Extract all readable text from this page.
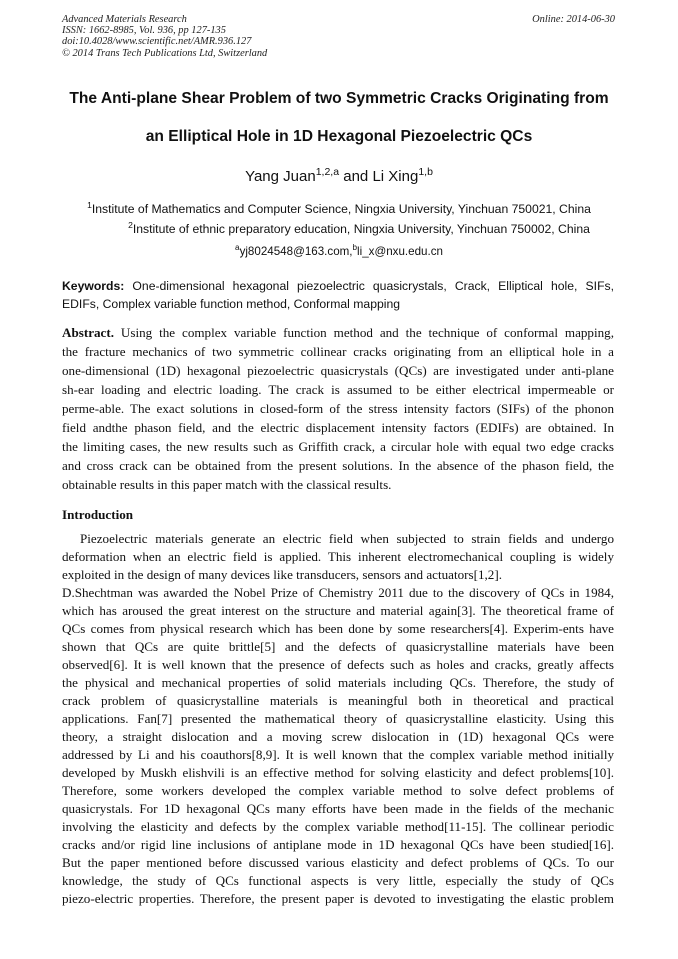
Advanced Materials Research
ISSN: 1662-8985, Vol. 936, pp 127-135
doi:10.4028/www.scientific.net/AMR.936.127
© 2014 Trans Tech Publications Ltd, Switzerland
Online: 2014-06-30
The Anti-plane Shear Problem of two Symmetric Cracks Originating from
an Elliptical Hole in 1D Hexagonal Piezoelectric QCs
Yang Juan$^{1,2,a}$ and Li Xing$^{1,b}$
$^1$Institute of Mathematics and Computer Science, Ningxia University, Yinchuan 750021, China
$^2$Institute of ethnic preparatory education, Ningxia University, Yinchuan 750002, China
$^a$yj8024548@163.com,$^b$li_x@nxu.edu.cn
Keywords: One-dimensional hexagonal piezoelectric quasicrystals, Crack, Elliptical hole, SIFs, EDIFs, Complex variable function method, Conformal mapping
Abstract. Using the complex variable function method and the technique of conformal mapping,
the fracture mechanics of two symmetric collinear cracks originating from an elliptical hole in a
one-dimensional (1D) hexagonal piezoelectric quasicrystals (QCs) are investigated under anti-plane
sh-ear loading and electric loading. The crack is assumed to be either electrical impermeable or
perme-able. The exact solutions in closed-form of the stress intensity factors (SIFs) of the phonon
field andthe phason field, and the electric displacement intensity factors (EDIFs) are obtained. In
the limiting cases, the new results such as Griffith crack, a circular hole with equal two edge cracks
and cross crack can be obtained from the present solutions. In the absence of the phason field, the
obtainable results in this paper match with the classical results.
Introduction
Piezoelectric materials generate an electric field when subjected to strain fields and undergo
deformation when an electric field is applied. This inherent electromechanical coupling is widely
exploited in the design of many devices like transducers, sensors and actuators[1,2].
D.Shechtman was awarded the Nobel Prize of Chemistry 2011 due to the discovery of QCs in 1984,
which has aroused the great interest on the structure and material again[3]. The theoretical frame of
QCs comes from physical research which has been done by some researchers[4]. Experim-ents have
shown that QCs are quite brittle[5] and the defects of quasicrystalline materials have been
observed[6]. It is well known that the presence of defects such as holes and cracks, greatly affects
the physical and mechanical properties of solid materials including QCs. Therefore, the study of
crack problem of quasicrystalline materials is meaningful both in theoretical and practical
applications. Fan[7] presented the mathematical theory of quasicrystalline elasticity. Using this
theory, a straight dislocation and a moving screw dislocation in (1D) hexagonal QCs were
addressed by Li and his coauthors[8,9]. It is well known that the complex variable method initially
developed by Muskh elishvili is an effective method for solving elasticity and defect problems[10].
Therefore, some workers developed the complex variable method to solve defect problems of
quasicrystals. For 1D hexagonal QCs many efforts have been made in the fields of the mechanic
involving the elasticity and defects by the complex variable method[11-15]. The collinear periodic
cracks and/or rigid line inclusions of antiplane mode in 1D hexagonal QCs have been studied[16].
But the paper mentioned before discussed various elasticity and defect problems of QCs. To our
knowledge, the study of QCs functional aspects is very little, especially the study of QCs
piezo-electric properties. Therefore, the present paper is devoted to investigating the elastic problem
